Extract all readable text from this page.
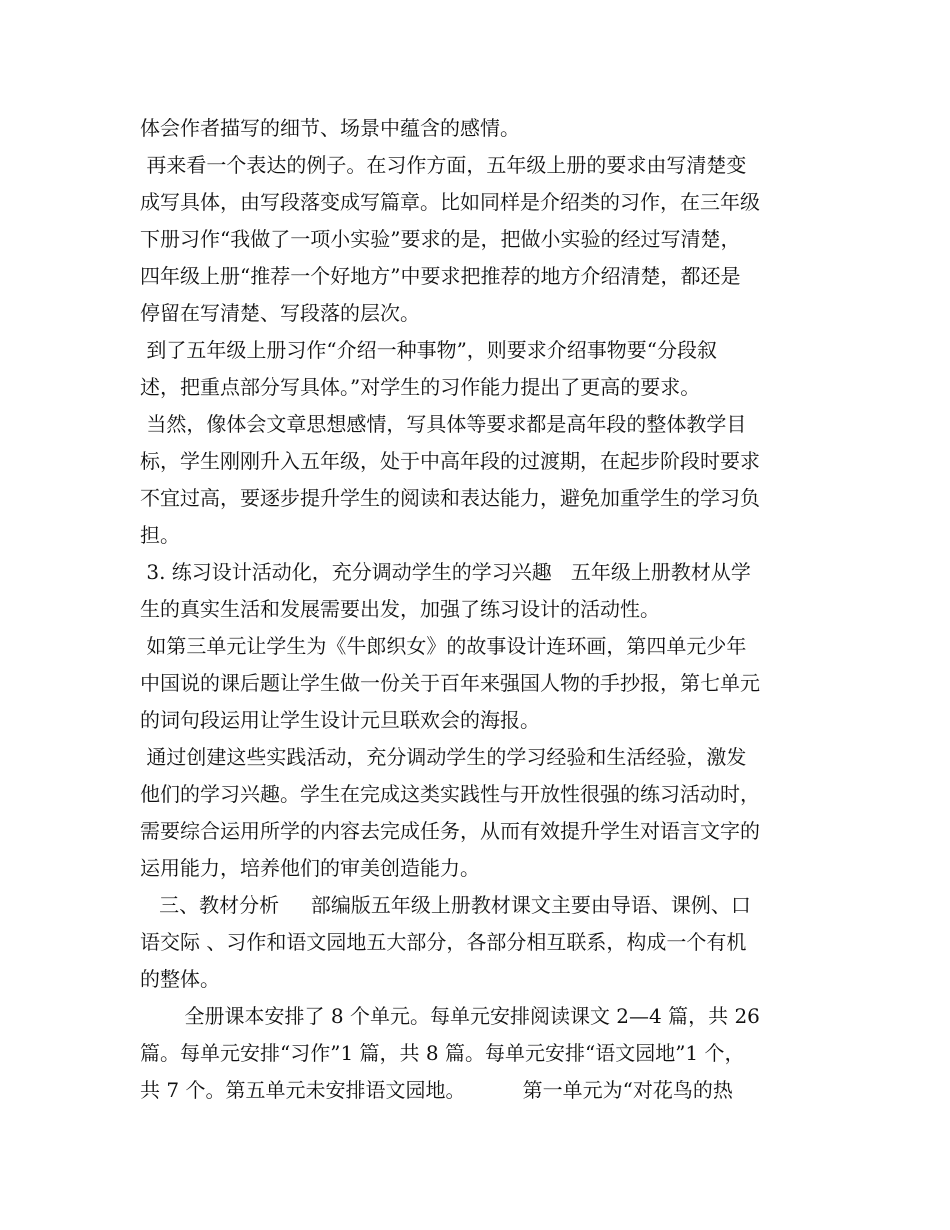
体会作者描写的细节、场景中蕴含的感情。
再来看一个表达的例子。在习作方面，五年级上册的要求由写清楚变
成写具体，由写段落变成写篇章。比如同样是介绍类的习作，在三年级
下册习作“我做了一项小实验”要求的是，把做小实验的经过写清楚，
四年级上册“推荐一个好地方”中要求把推荐的地方介绍清楚，都还是
停留在写清楚、写段落的层次。
到了五年级上册习作“介绍一种事物”，则要求介绍事物要“分段叙
述，把重点部分写具体。”对学生的习作能力提出了更高的要求。
当然，像体会文章思想感情，写具体等要求都是高年段的整体教学目
标，学生刚刚升入五年级，处于中高年段的过渡期，在起步阶段时要求
不宜过高，要逐步提升学生的阅读和表达能力，避免加重学生的学习负
担。
3. 练习设计活动化，充分调动学生的学习兴趣   五年级上册教材从学
生的真实生活和发展需要出发，加强了练习设计的活动性。
如第三单元让学生为《牛郎织女》的故事设计连环画，第四单元少年
中国说的课后题让学生做一份关于百年来强国人物的手抄报，第七单元
的词句段运用让学生设计元旦联欢会的海报。
通过创建这些实践活动，充分调动学生的学习经验和生活经验，激发
他们的学习兴趣。学生在完成这类实践性与开放性很强的练习活动时，
需要综合运用所学的内容去完成任务，从而有效提升学生对语言文字的
运用能力，培养他们的审美创造能力。
三、教材分析     部编版五年级上册教材课文主要由导语、课例、口
语交际 、习作和语文园地五大部分，各部分相互联系，构成一个有机
的整体。
全册课本安排了 8 个单元。每单元安排阅读课文 2—4 篇，共 26
篇。每单元安排“习作”1 篇，共 8 篇。每单元安排“语文园地”1 个，
共 7 个。第五单元未安排语文园地。         第一单元为“对花鸟的热
